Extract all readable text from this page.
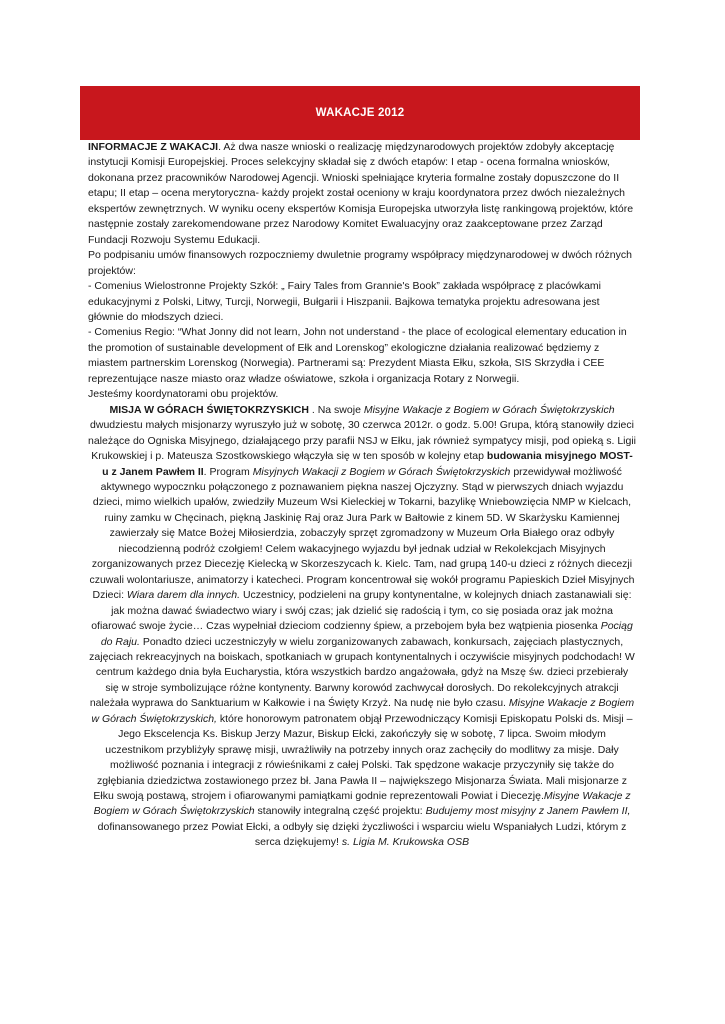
WAKACJE 2012

INFORMACJE Z WAKACJI. Aż dwa nasze wnioski o realizację międzynarodowych projektów zdobyły akceptację instytucji Komisji Europejskiej. Proces selekcyjny składał się z dwóch etapów: I etap - ocena formalna wniosków, dokonana przez pracowników Narodowej Agencji. Wnioski spełniające kryteria formalne zostały dopuszczone do II etapu; II etap – ocena merytoryczna- każdy projekt został oceniony w kraju koordynatora przez dwóch niezależnych ekspertów zewnętrznych. W wyniku oceny ekspertów Komisja Europejska utworzyła listę rankingową projektów, które następnie zostały zarekomendowane przez Narodowy Komitet Ewaluacyjny oraz zaakceptowane przez Zarząd Fundacji Rozwoju Systemu Edukacji.

Po podpisaniu umów finansowych rozpoczniemy dwuletnie programy współpracy międzynarodowej w dwóch różnych projektów:

- Comenius Wielostronne Projekty Szkół: „ Fairy Tales from Grannie's Book” zakłada współpracę z placówkami edukacyjnymi z Polski, Litwy, Turcji, Norwegii, Bułgarii i Hiszpanii. Bajkowa tematyka projektu adresowana jest głównie do młodszych dzieci.

- Comenius Regio: “What Jonny did not learn, John not understand - the place of ecological elementary education in the promotion of sustainable development of Ełk and Lorenskog” ekologiczne działania realizować będziemy z miastem partnerskim Lorenskog (Norwegia). Partnerami są: Prezydent Miasta Ełku, szkoła, SIS Skrzydła i CEE reprezentujące nasze miasto oraz władze oświatowe, szkoła i organizacja Rotary z Norwegii.

Jesteśmy koordynatorami obu projektów.

MISJA W GÓRACH ŚWIĘTOKRZYSKICH . Na swoje Misyjne Wakacje z Bogiem w Górach Świętokrzyskich dwudziestu małych misjonarzy wyruszyło już w sobotę, 30 czerwca 2012r. o godz. 5.00! Grupa, którą stanowiły dzieci należące do Ogniska Misyjnego, działającego przy parafii NSJ w Ełku, jak również sympatycy misji, pod opieką s. Ligii Krukowskiej i p. Mateusza Szostkowskiego włączyła się w ten sposób w kolejny etap budowania misyjnego MOST- u z Janem Pawłem II. Program Misyjnych Wakacji z Bogiem w Górach Świętokrzyskich przewidywał możliwość aktywnego wypocznku połączonego z poznawaniem piękna naszej Ojczyzny. Stąd w pierwszych dniach wyjazdu dzieci, mimo wielkich upałów, zwiedziły Muzeum Wsi Kieleckiej w Tokarni, bazylikę Wniebowzięcia NMP w Kielcach, ruiny zamku w Chęcinach, piękną Jaskinię Raj oraz Jura Park w Bałtowie z kinem 5D. W Skarżysku Kamiennej zawierzały się Matce Bożej Miłosierdzia, zobaczyły sprzęt zgromadzony w Muzeum Orła Białego oraz odbyły niecodzienną podróż czołgiem! Celem wakacyjnego wyjazdu był jednak udział w Rekolekcjach Misyjnych zorganizowanych przez Diecezję Kielecką w Skorzeszycach k. Kielc. Tam, nad grupą 140-u dzieci z różnych diecezji czuwali wolontariusze, animatorzy i katecheci. Program koncentrował się wokół programu Papieskich Dzieł Misyjnych Dzieci: Wiara darem dla innych. Uczestnicy, podzieleni na grupy kontynentalne, w kolejnych dniach zastanawiali się: jak można dawać świadectwo wiary i swój czas; jak dzielić się radością i tym, co się posiada oraz jak można ofiarować swoje życie… Czas wypełniał dzieciom codzienny śpiew, a przebojem była bez wątpienia piosenka Pociąg do Raju. Ponadto dzieci uczestniczyły w wielu zorganizowanych zabawach, konkursach, zajęciach plastycznych, zajęciach rekreacyjnych na boiskach, spotkaniach w grupach kontynentalnych i oczywiście misyjnych podchodach! W centrum każdego dnia była Eucharystia, która wszystkich bardzo angażowała, gdyż na Mszę św. dzieci przebierały się w stroje symbolizujące różne kontynenty. Barwny korowód zachwycał dorosłych. Do rekolekcyjnych atrakcji należała wyprawa do Sanktuarium w Kałkowie i na Święty Krzyż. Na nudę nie było czasu. Misyjne Wakacje z Bogiem w Górach Świętokrzyskich, które honorowym patronatem objął Przewodniczący Komisji Episkopatu Polski ds. Misji – Jego Ekscelencja Ks. Biskup Jerzy Mazur, Biskup Ełcki, zakończyły się w sobotę, 7 lipca. Swoim młodym uczestnikom przybliżyły sprawę misji, uwrażliwiły na potrzeby innych oraz zachęciły do modlitwy za misje. Dały możliwość poznania i integracji z rówieśnikami z całej Polski. Tak spędzone wakacje przyczyniły się także do zgłębiania dziedzictwa zostawionego przez bł. Jana Pawła II – największego Misjonarza Świata. Mali misjonarze z Ełku swoją postawą, strojem i ofiarowanymi pamiątkami godnie reprezentowali Powiat i Diecezję.Misyjne Wakacje z Bogiem w Górach Świętokrzyskich stanowiły integralną część projektu: Budujemy most misyjny z Janem Pawłem II, dofinansowanego przez Powiat Ełcki, a odbyły się dzięki życzliwości i wsparciu wielu Wspaniałych Ludzi, którym z serca dziękujemy! s. Ligia M. Krukowska OSB
